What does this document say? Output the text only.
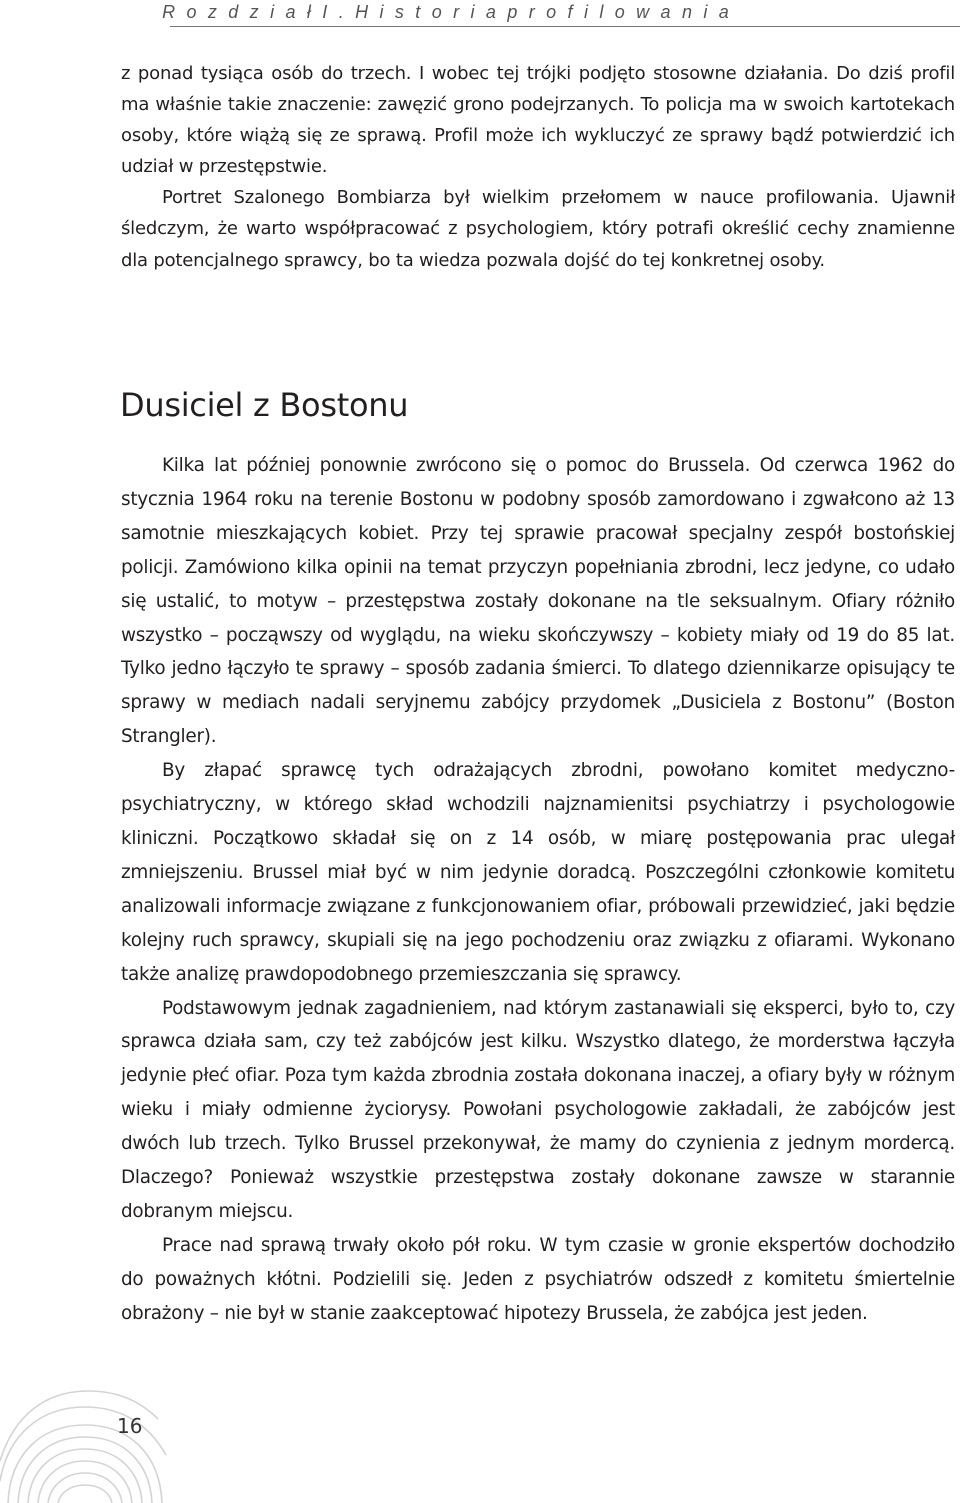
R o z d z i a ł I . H i s t o r i a p r o f i l o w a n i a

z ponad tysiąca osób do trzech. I wobec tej trójki podjęto stosowne działania. Do dziś profil ma właśnie takie znaczenie: zawęzić grono podejrzanych. To policja ma w swoich kartotekach osoby, które wiążą się ze sprawą. Profil może ich wykluczyć ze sprawy bądź potwierdzić ich udział w przestępstwie.

Portret Szalonego Bombiarza był wielkim przełomem w nauce profilowania. Ujawnił śledczym, że warto współpracować z psychologiem, który potrafi określić cechy znamienne dla potencjalnego sprawcy, bo ta wiedza pozwala dojść do tej konkretnej osoby.

Dusiciel z Bostonu

Kilka lat później ponownie zwrócono się o pomoc do Brussela. Od czerwca 1962 do stycznia 1964 roku na terenie Bostonu w podobny sposób zamordowano i zgwałcono aż 13 samotnie mieszkających kobiet. Przy tej sprawie pracował specjalny zespół bostońskiej policji. Zamówiono kilka opinii na temat przyczyn popełniania zbrodni, lecz jedyne, co udało się ustalić, to motyw – przestępstwa zostały dokonane na tle seksualnym. Ofiary różniło wszystko – począwszy od wyglądu, na wieku skończywszy – kobiety miały od 19 do 85 lat. Tylko jedno łączyło te sprawy – sposób zadania śmierci. To dlatego dziennikarze opisujący te sprawy w mediach nadali seryjnemu zabójcy przydomek „Dusiciela z Bostonu” (Boston Strangler).

By złapać sprawcę tych odrażających zbrodni, powołano komitet medyczno-psychiatryczny, w którego skład wchodzili najznamienitsi psychiatrzy i psychologowie kliniczni. Początkowo składał się on z 14 osób, w miarę postępowania prac ulegał zmniejszeniu. Brussel miał być w nim jedynie doradcą. Poszczególni członkowie komitetu analizowali informacje związane z funkcjonowaniem ofiar, próbowali przewidzieć, jaki będzie kolejny ruch sprawcy, skupiali się na jego pochodzeniu oraz związku z ofiarami. Wykonano także analizę prawdopodobnego przemieszczania się sprawcy.

Podstawowym jednak zagadnieniem, nad którym zastanawiali się eksperci, było to, czy sprawca działa sam, czy też zabójców jest kilku. Wszystko dlatego, że morderstwa łączyła jedynie płeć ofiar. Poza tym każda zbrodnia została dokonana inaczej, a ofiary były w różnym wieku i miały odmienne życiorysy. Powołani psychologowie zakładali, że zabójców jest dwóch lub trzech. Tylko Brussel przekonywał, że mamy do czynienia z jednym mordercą. Dlaczego? Ponieważ wszystkie przestępstwa zostały dokonane zawsze w starannie dobranym miejscu.

Prace nad sprawą trwały około pół roku. W tym czasie w gronie ekspertów dochodziło do poważnych kłótni. Podzielili się. Jeden z psychiatrów odszedł z komitetu śmiertelnie obrażony – nie był w stanie zaakceptować hipotezy Brussela, że zabójca jest jeden.

16
